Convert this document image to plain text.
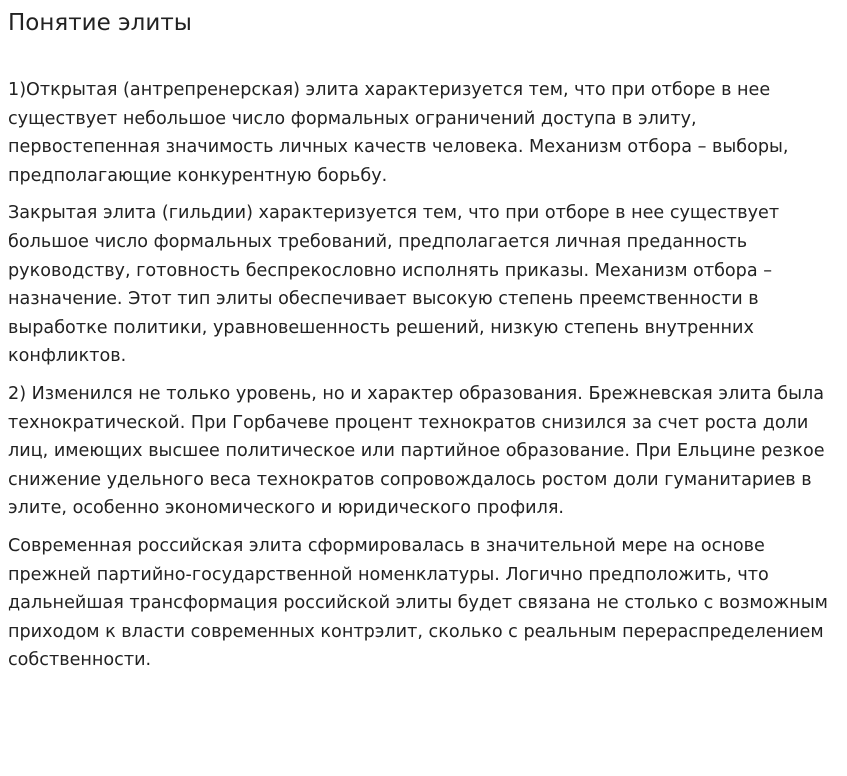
Понятие элиты

1)Открытая (антрепренерская) элита характеризуется тем, что при отборе в нее существует небольшое число формальных ограничений доступа в элиту, первостепенная значимость личных качеств человека. Механизм отбора – выборы, предполагающие конкурентную борьбу.

Закрытая элита (гильдии) характеризуется тем, что при отборе в нее существует большое число формальных требований, предполагается личная преданность руководству, готовность беспрекословно исполнять приказы. Механизм отбора – назначение. Этот тип элиты обеспечивает высокую степень преемственности в выработке политики, уравновешенность решений, низкую степень внутренних конфликтов.

2) Изменился не только уровень, но и характер образования. Брежневская элита была технократической. При Горбачеве процент технократов снизился за счет роста доли лиц, имеющих высшее политическое или партийное образование. При Ельцине резкое снижение удельного веса технократов сопровождалось ростом доли гуманитариев в элите, особенно экономического и юридического профиля.

Современная российская элита сформировалась в значительной мере на основе прежней партийно-государственной номенклатуры. Логично предположить, что дальнейшая трансформация российской элиты будет связана не столько с возможным приходом к власти современных контрэлит, сколько с реальным перераспределением собственности.
